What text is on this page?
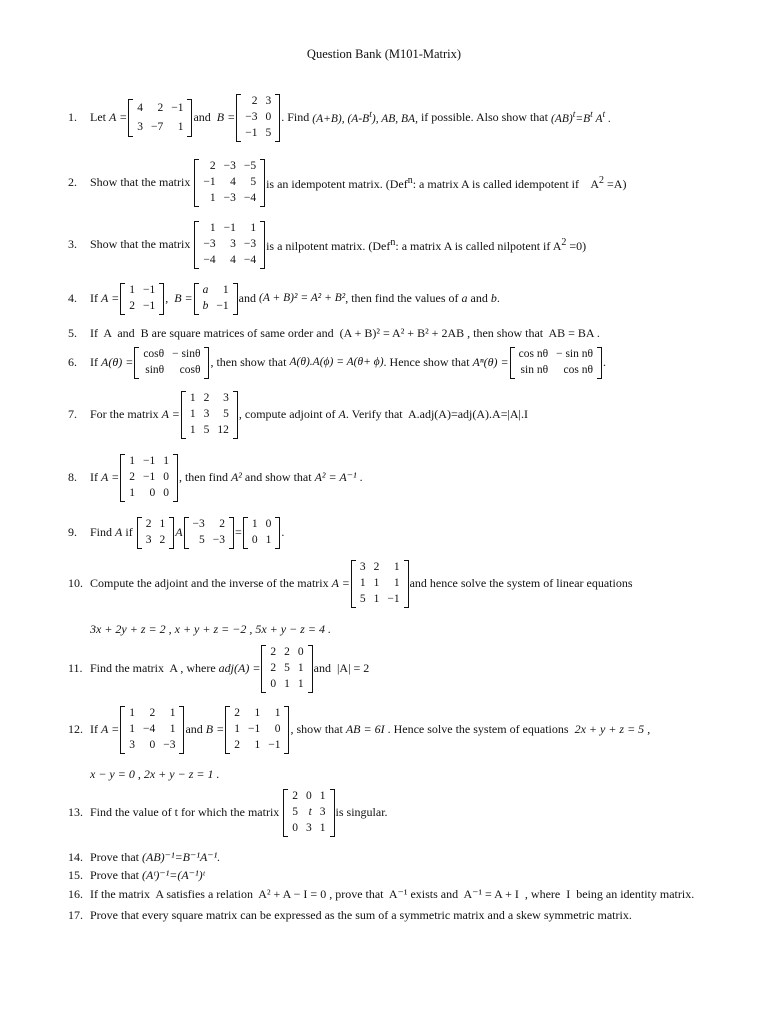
Question Bank (M101-Matrix)
1.	Let
A =
4	2	−1
3	−7	1
and
B =
2	3
−3	0
−1	5
. Find (A+B), $(A-B^t)$, AB, BA, if possible. Also show that $(AB)^t=B^t$ $A^t$ .
2.	Show that the matrix

2	−3	−5
−1	4	5
1	−3	−4
is an idempotent matrix. (Def$^n$: a matrix A is called idempotent if    $A^2 =A$)
3.	Show that the matrix

1	−1	1
−3	3	−3
−4	4	−4
is a nilpotent matrix. (Def$^n$: a matrix A is called nilpotent if $A^2 =0$)
4.	If
A =
1	−1
2	−1
,
B =
a	1
b	−1
and
(A + B)² = A² + B² , then find the values of a and b .
5.	If  A  and  B are square matrices of same order and  (A + B)² = A² + B² + 2AB , then show that  AB = BA .
6.	If
A(θ) =
cosθ	− sinθ
sinθ	cosθ
, then show that A(θ).A(ϕ) = A(θ+ ϕ) . Hence show that Aⁿ(θ) =
cos nθ	− sin nθ
sin nθ	cos nθ
.
7.	For the matrix A =
1	2	3
1	3	5
1	5	12
, compute adjoint of A . Verify that  A.adj(A)=adj(A).A=|A|.I
8.	If A =
1	−1	1
2	−1	0
1	0	0
, then find A² and show that A² = A⁻¹ .
9.	Find A if
2	1
3	2
A
−3	2
5	−3
=
1	0
0	1
.
10. Compute the adjoint and the inverse of the matrix A =
3	2	1
1	1	1
5	1	−1
and hence solve the system of linear equations
3x + 2y + z = 2 , x + y + z = −2 , 5x + y − z = 4 .
11. Find the matrix  A , where adj(A) =
2	2	0
2	5	1
0	1	1
and  |A| = 2
12. If A =
1	2	1
1	−4	1
3	0	−3
and B =
2	1	1
1	−1	0
2	1	−1
, show that AB = 6I . Hence solve the system of equations 2x + y + z = 5 ,
x − y = 0 , 2x + y − z = 1 .
13. Find the value of t for which the matrix
2	0	1
5	t	3
0	3	1
is singular.
14. Prove that (AB)⁻¹=B⁻¹A⁻¹.
15. Prove that (Aᵗ)⁻¹=(A⁻¹)ᵗ
16. If the matrix  A satisfies a relation  A² + A − I = 0 , prove that  A⁻¹ exists and  A⁻¹ = A + I  , where  I  being an identity matrix.
17. Prove that every square matrix can be expressed as the sum of a symmetric matrix and a skew symmetric matrix.
